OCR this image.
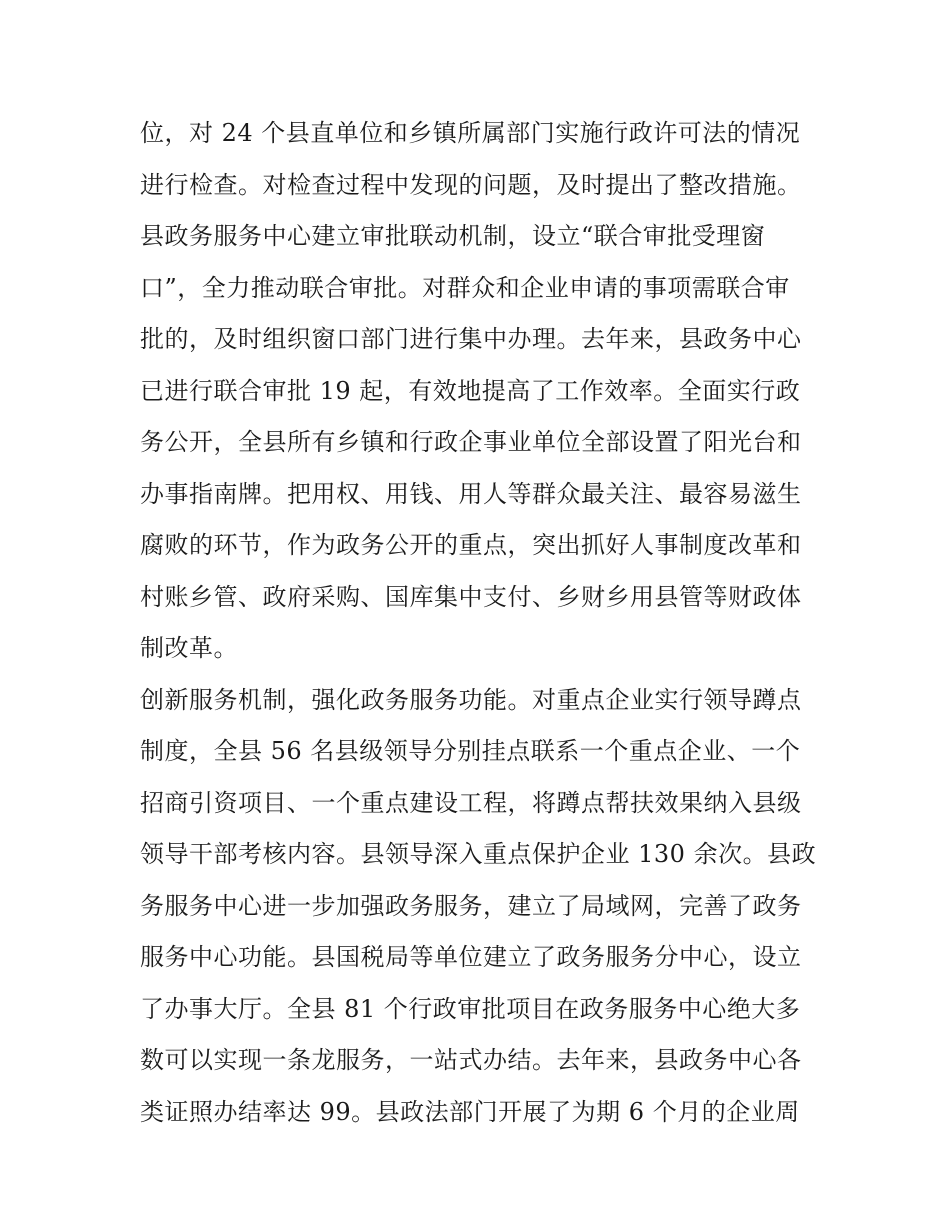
位，对 24 个县直单位和乡镇所属部门实施行政许可法的情况
进行检查。对检查过程中发现的问题，及时提出了整改措施。
县政务服务中心建立审批联动机制，设立“联合审批受理窗
口”，全力推动联合审批。对群众和企业申请的事项需联合审
批的，及时组织窗口部门进行集中办理。去年来，县政务中心
已进行联合审批 19 起，有效地提高了工作效率。全面实行政
务公开，全县所有乡镇和行政企事业单位全部设置了阳光台和
办事指南牌。把用权、用钱、用人等群众最关注、最容易滋生
腐败的环节，作为政务公开的重点，突出抓好人事制度改革和
村账乡管、政府采购、国库集中支付、乡财乡用县管等财政体
制改革。
创新服务机制，强化政务服务功能。对重点企业实行领导蹲点
制度，全县 56 名县级领导分别挂点联系一个重点企业、一个
招商引资项目、一个重点建设工程，将蹲点帮扶效果纳入县级
领导干部考核内容。县领导深入重点保护企业 130 余次。县政
务服务中心进一步加强政务服务，建立了局域网，完善了政务
服务中心功能。县国税局等单位建立了政务服务分中心，设立
了办事大厅。全县 81 个行政审批项目在政务服务中心绝大多
数可以实现一条龙服务，一站式办结。去年来，县政务中心各
类证照办结率达 99。县政法部门开展了为期 6 个月的企业周
